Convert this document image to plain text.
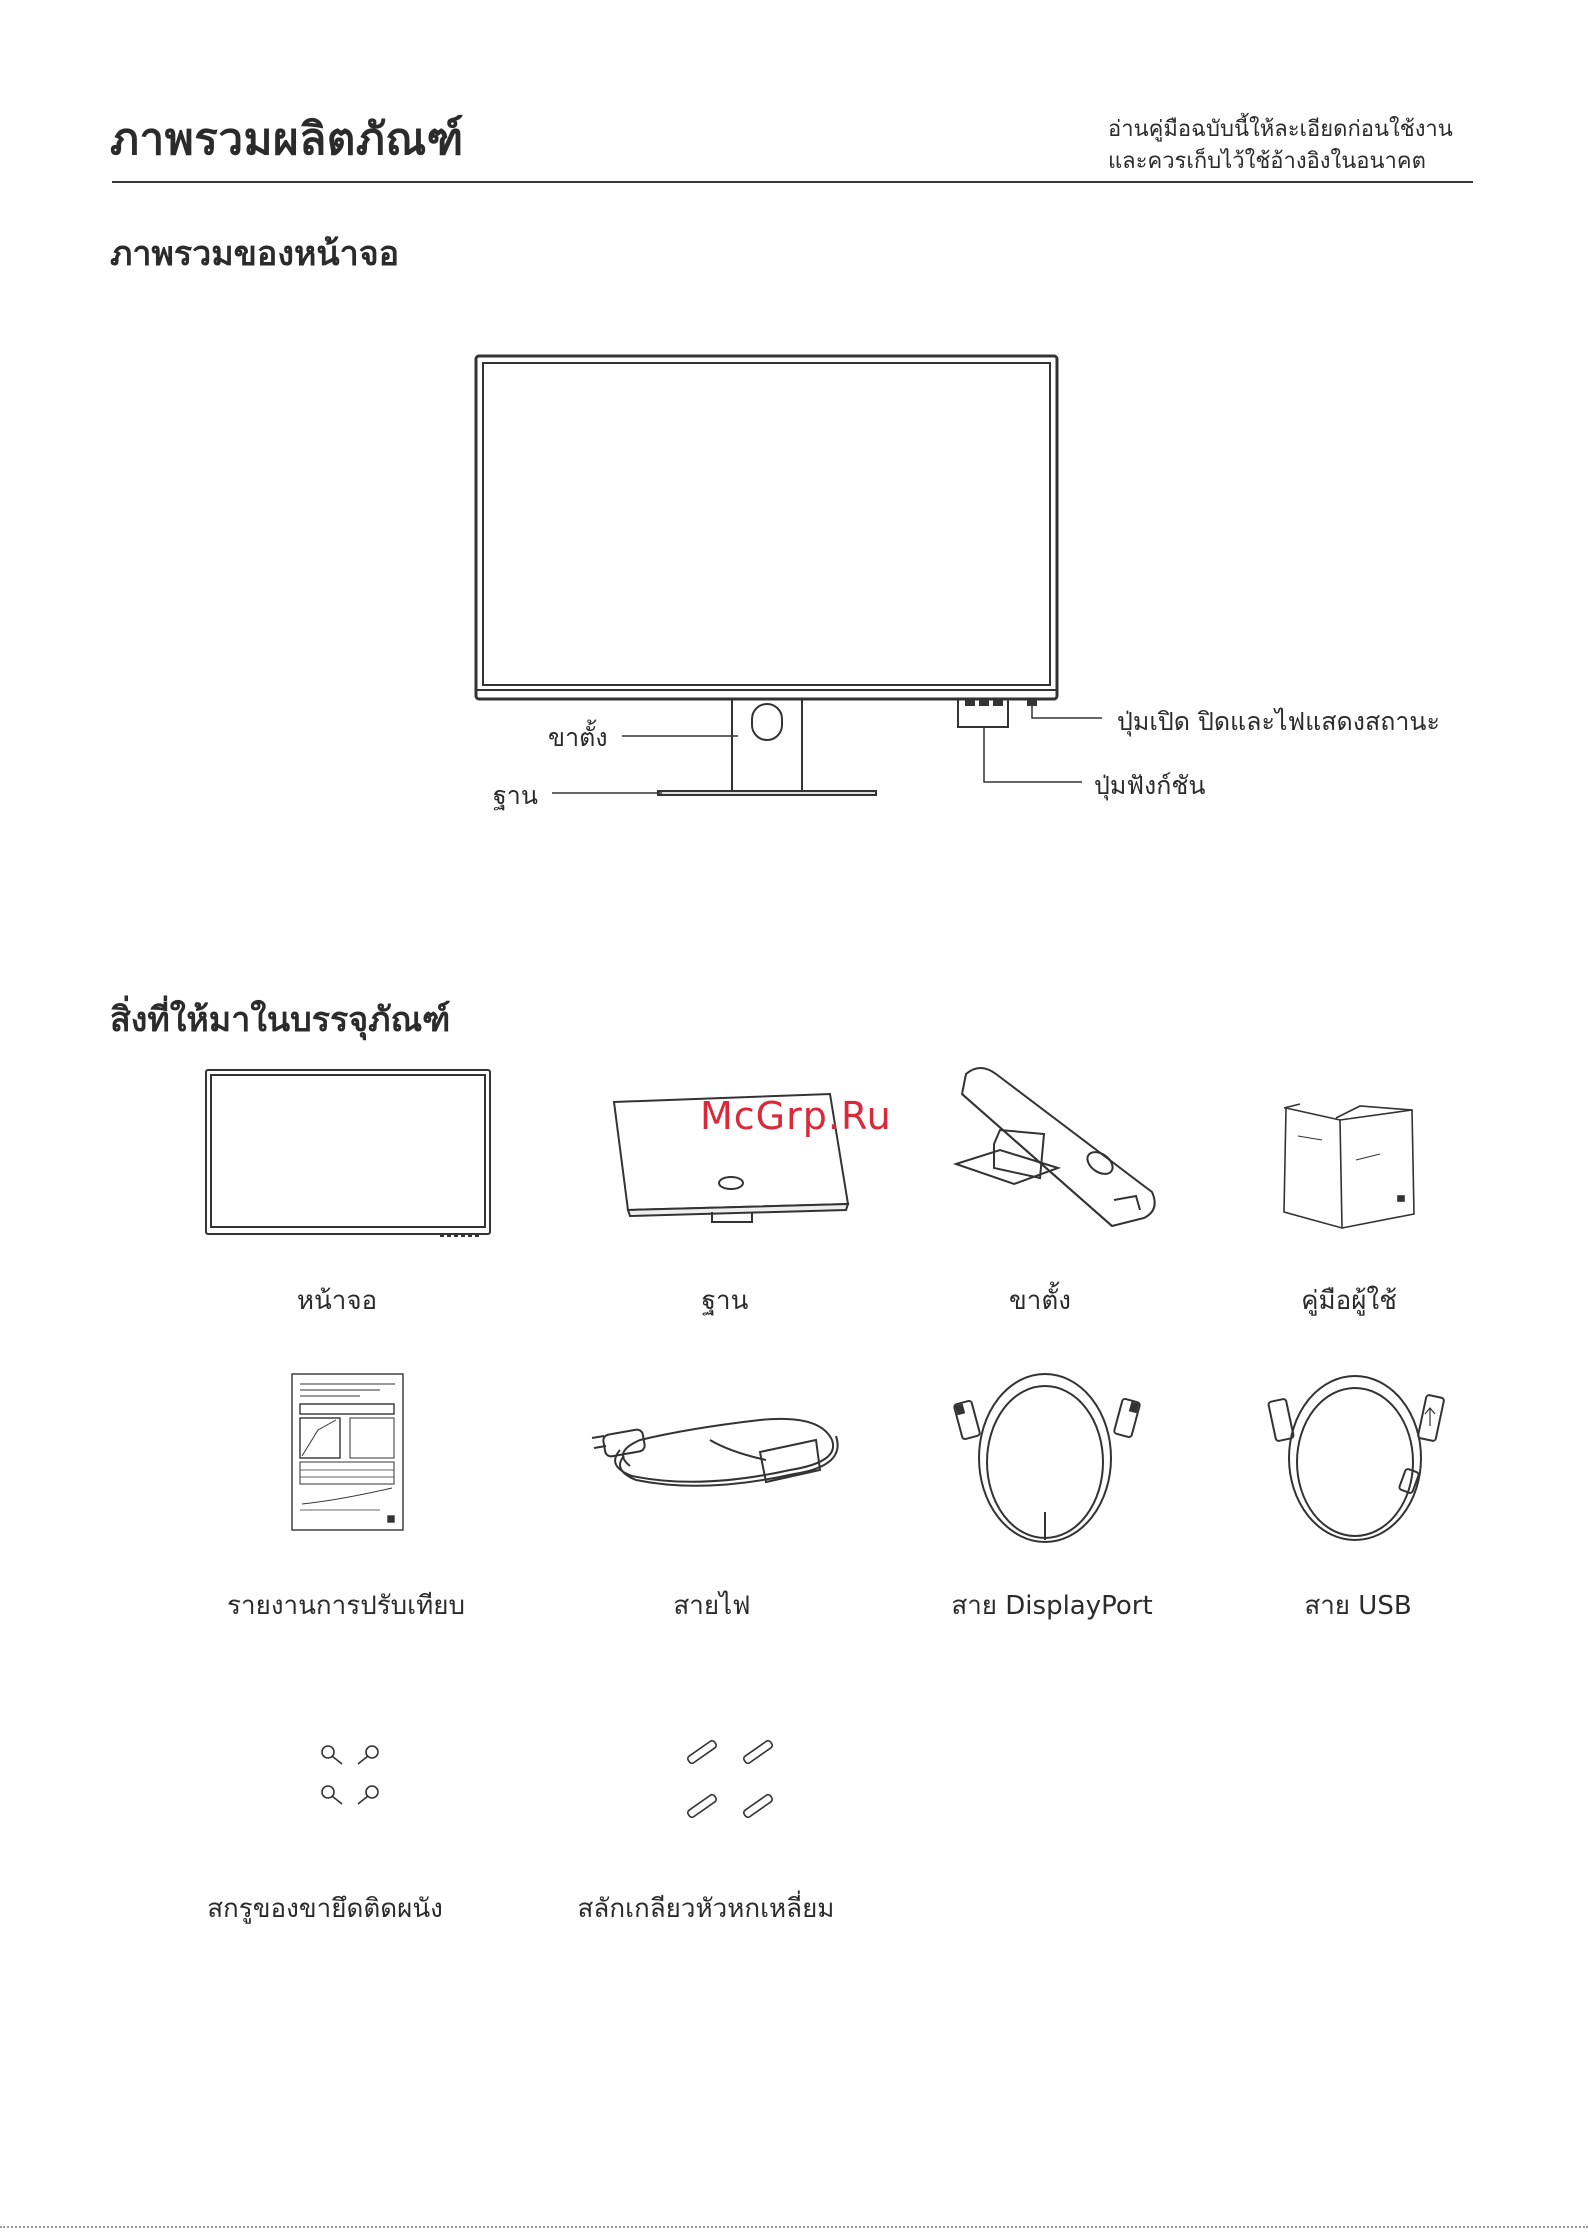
ภาพรวมผลิตภัณฑ์	อ่านคู่มือฉบับนี้ให้ละเอียดก่อนใช้งาน
และควรเก็บไว้ใช้อ้างอิงในอนาคต
ภาพรวมของหน้าจอ
ขาตั้ง
ฐาน
ปุ่มเปิด ปิดและไฟแสดงสถานะ
ปุ่มฟังก์ชัน
สิ่งที่ให้มาในบรรจุภัณฑ์
หน้าจอ	ฐาน	ขาตั้ง	คู่มือผู้ใช้
รายงานการปรับเทียบ	สายไฟ	สาย DisplayPort	สาย USB
สกรูของขายึดติดผนัง	สลักเกลียวหัวหกเหลี่ยม
McGrp.Ru
